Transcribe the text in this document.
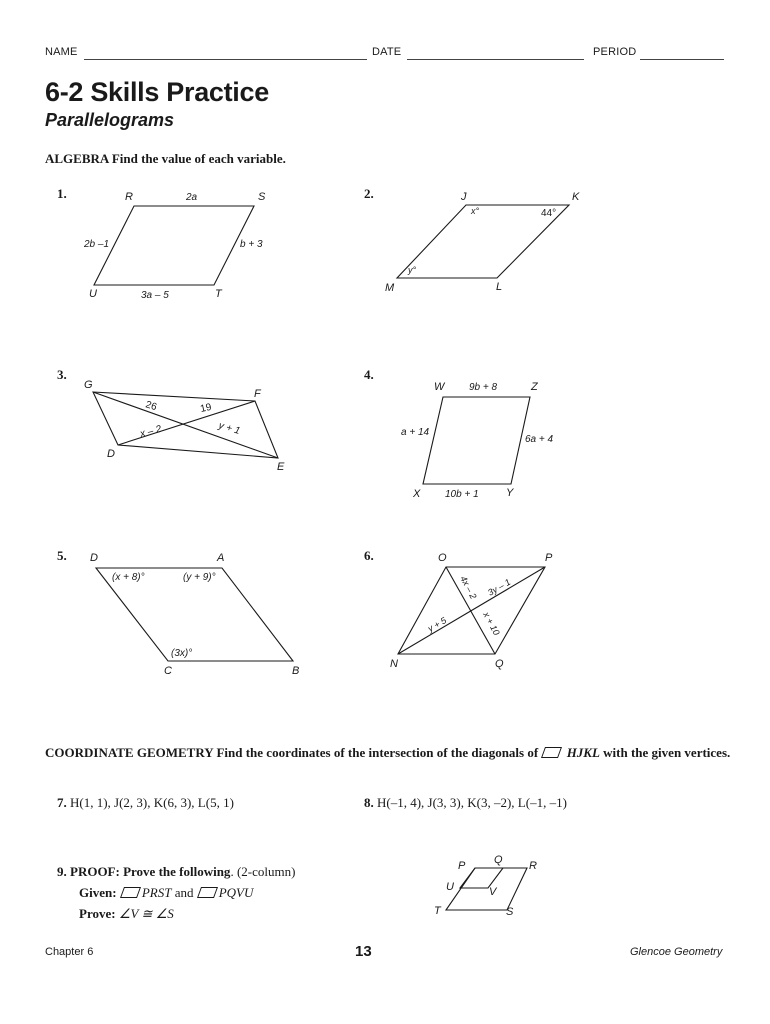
NAME	DATE	PERIOD
6-2 Skills Practice
Parallelograms
ALGEBRA Find the value of each variable.
1.	2.
3.	4.
5.	6.
R	S
U	T
2a
2b –1	b + 3
3a – 5
J	K
M	L
x°	44°
y°
G
F
D
E
26	19
x – 2	y + 1
W	Z
X	Y
9b + 8
a + 14
6a + 4
10b + 1
D	A
C	B
(x + 8)°	(y + 9)°
(3x)°
O	P
N	Q
4x – 2 3y – 1
y + 5	x + 10
P	Q R
U	V
T	S
COORDINATE GEOMETRY Find the coordinates of the intersection of the diagonals of HJKL with the given vertices.
7. H(1, 1), J(2, 3), K(6, 3), L(5, 1)	8. H(–1, 4), J(3, 3), K(3, –2), L(–1, –1)
9. PROOF: Prove the following. (2-column)
Given: PRST and PQVU
Prove: ∠V ≅ ∠S
Chapter 6	13	Glencoe Geometry
